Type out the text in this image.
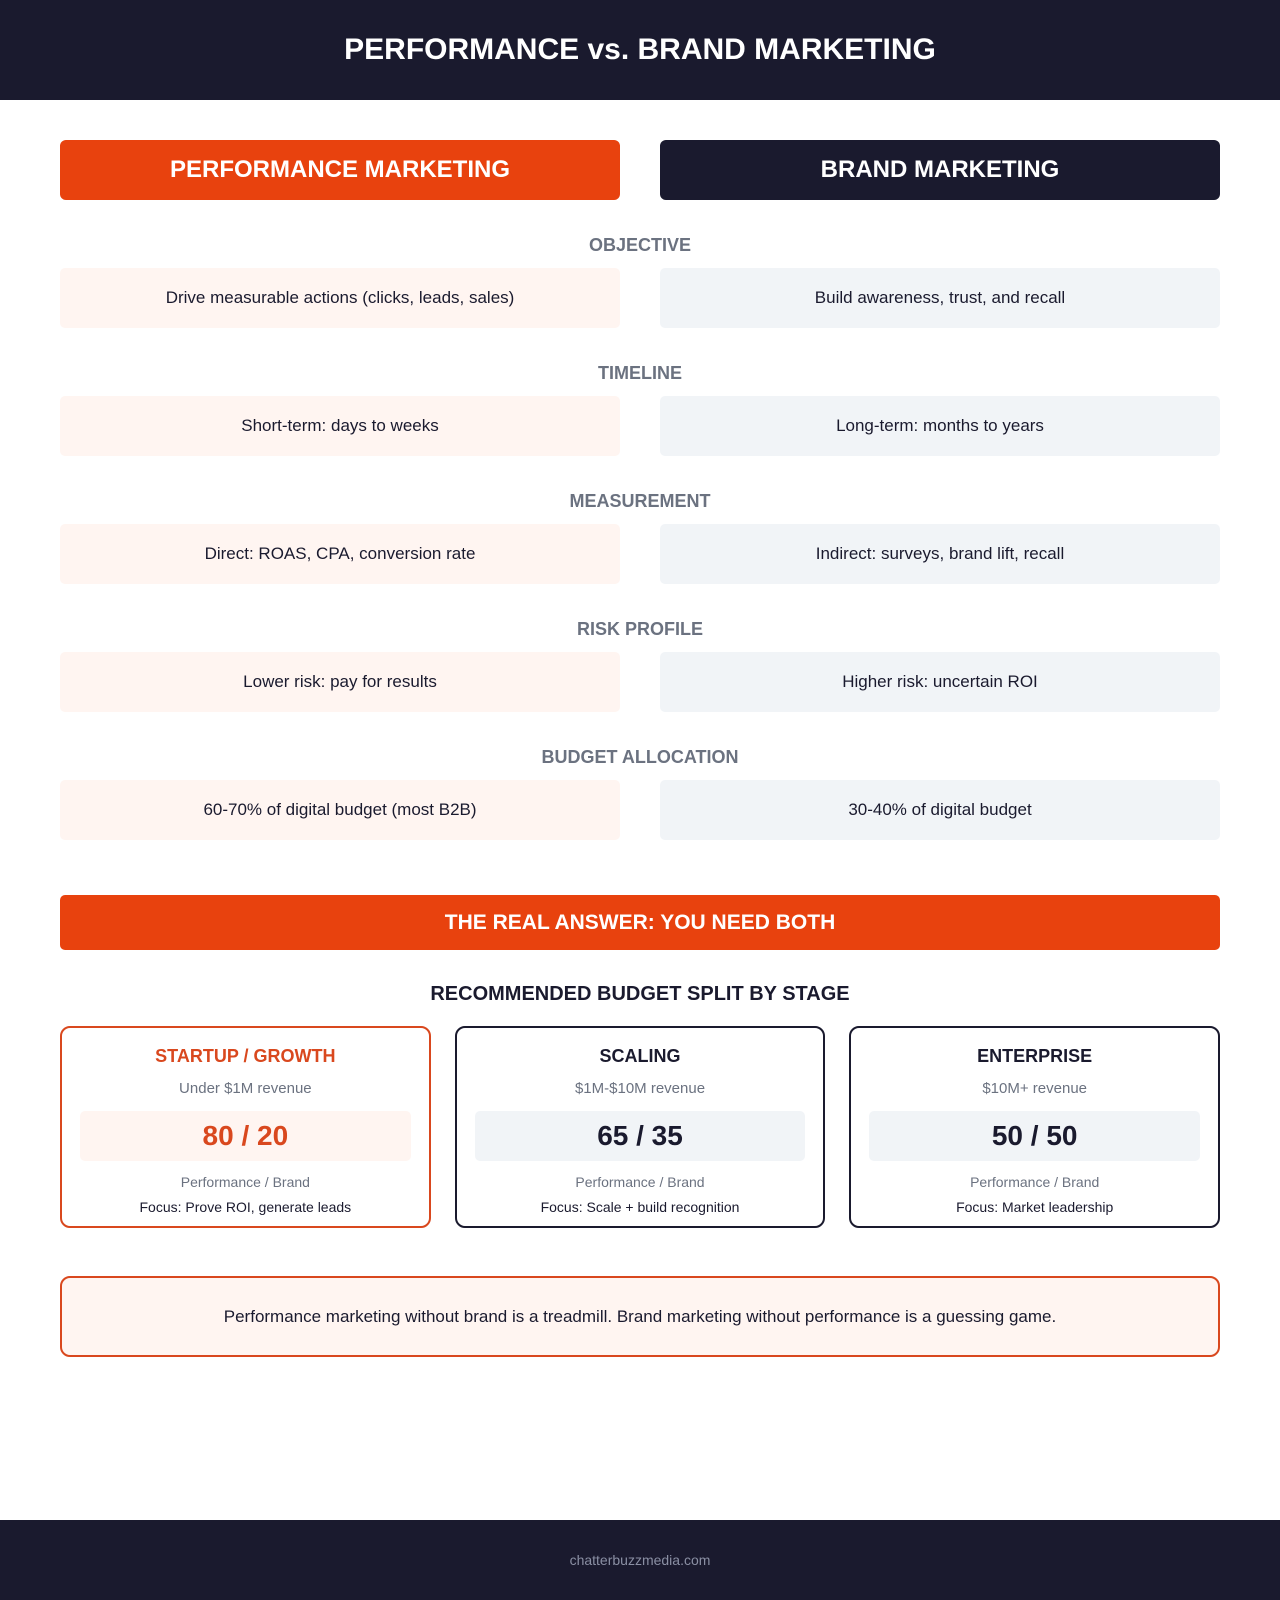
PERFORMANCE vs. BRAND MARKETING
PERFORMANCE MARKETING	BRAND MARKETING
OBJECTIVE
Drive measurable actions (clicks, leads, sales)	Build awareness, trust, and recall
TIMELINE
Short-term: days to weeks	Long-term: months to years
MEASUREMENT
Direct: ROAS, CPA, conversion rate	Indirect: surveys, brand lift, recall
RISK PROFILE
Lower risk: pay for results	Higher risk: uncertain ROI
BUDGET ALLOCATION
60-70% of digital budget (most B2B)	30-40% of digital budget
THE REAL ANSWER: YOU NEED BOTH
RECOMMENDED BUDGET SPLIT BY STAGE
STARTUP / GROWTH
Under $1M revenue
80 / 20
Performance / Brand
Focus: Prove ROI, generate leads
SCALING
$1M-$10M revenue
65 / 35
Performance / Brand
Focus: Scale + build recognition
ENTERPRISE
$10M+ revenue
50 / 50
Performance / Brand
Focus: Market leadership
Performance marketing without brand is a treadmill. Brand marketing without performance is a guessing game.
chatterbuzzmedia.com
